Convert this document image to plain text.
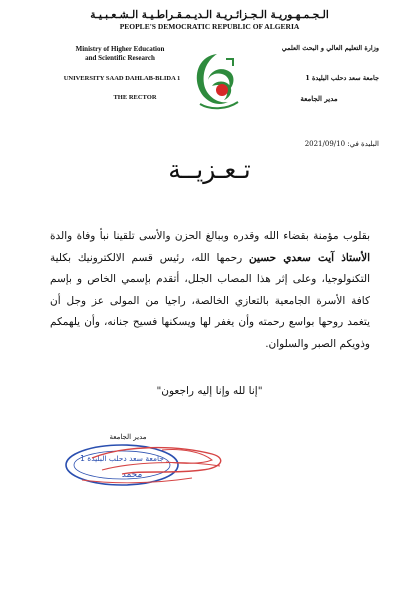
الـجـمـهـوريـة الـجـزائـريـة الـديـمـقـراطـيـة الـشـعـبـيـة
PEOPLE'S DEMOCRATIC REPUBLIC OF ALGERIA
Ministry of Higher Education
and Scientific Research
وزارة التعليم العالي و البحث العلمي
UNIVERSITY SAAD DAHLAB-BLIDA 1	جامعة سعد دحلب البليدة 1
THE RECTOR	مدير الجامعة
البليدة في: 2021/09/10
تـعـزيــة
بقلوب مؤمنة بقضاء الله وقدره وببالغ الحزن والأسى تلقينا نبأ وفاة والدة الأستاذ آيت سعدي حسين رحمها الله، رئيس قسم الالكترونيك بكلية التكنولوجيا، وعلى إثر هذا المصاب الجلل، أتقدم بإسمي الخاص و بإسم كافة الأسرة الجامعية بالتعازي الخالصة، راجيا من المولى عز وجل أن يتغمد روحها بواسع رحمته وأن يغفر لها ويسكنها فسيح جنانه، وأن يلهمكم وذويكم الصبر والسلوان.
"إنا لله وإنا إليه راجعون"
مدير الجامعة
جامعة سعد دحلب البليدة 1
محمد
